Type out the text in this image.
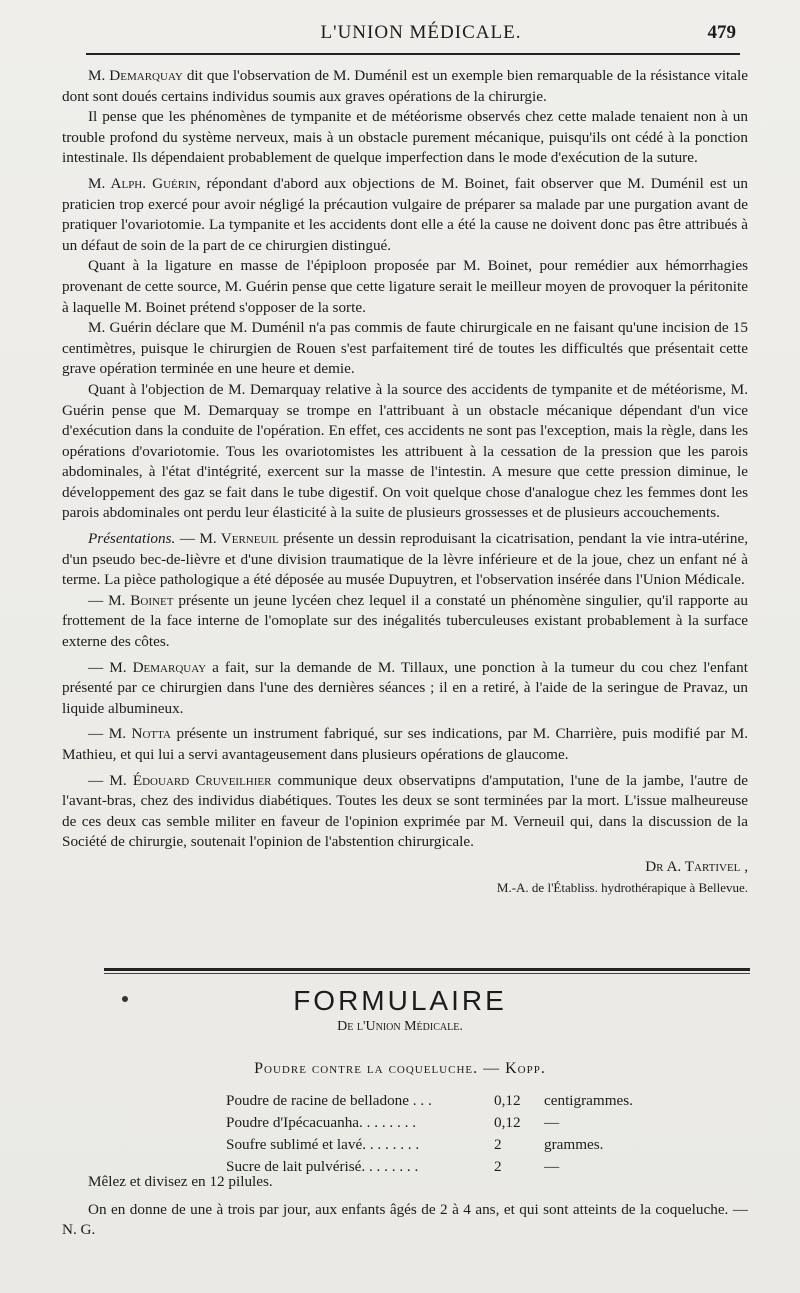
L'UNION MÉDICALE.	479

M. Demarquay dit que l'observation de M. Duménil est un exemple bien remarquable de la résistance vitale dont sont doués certains individus soumis aux graves opérations de la chirurgie.

Il pense que les phénomènes de tympanite et de météorisme observés chez cette malade tenaient non à un trouble profond du système nerveux, mais à un obstacle purement mécanique, puisqu'ils ont cédé à la ponction intestinale. Ils dépendaient probablement de quelque imperfection dans le mode d'exécution de la suture.

M. Alph. Guérin, répondant d'abord aux objections de M. Boinet, fait observer que M. Duménil est un praticien trop exercé pour avoir négligé la précaution vulgaire de préparer sa malade par une purgation avant de pratiquer l'ovariotomie. La tympanite et les accidents dont elle a été la cause ne doivent donc pas être attribués à un défaut de soin de la part de ce chirurgien distingué.

Quant à la ligature en masse de l'épiploon proposée par M. Boinet, pour remédier aux hémorrhagies provenant de cette source, M. Guérin pense que cette ligature serait le meilleur moyen de provoquer la péritonite à laquelle M. Boinet prétend s'opposer de la sorte.

M. Guérin déclare que M. Duménil n'a pas commis de faute chirurgicale en ne faisant qu'une incision de 15 centimètres, puisque le chirurgien de Rouen s'est parfaitement tiré de toutes les difficultés que présentait cette grave opération terminée en une heure et demie.

Quant à l'objection de M. Demarquay relative à la source des accidents de tympanite et de météorisme, M. Guérin pense que M. Demarquay se trompe en l'attribuant à un obstacle mécanique dépendant d'un vice d'exécution dans la conduite de l'opération. En effet, ces accidents ne sont pas l'exception, mais la règle, dans les opérations d'ovariotomie. Tous les ovariotomistes les attribuent à la cessation de la pression que les parois abdominales, à l'état d'intégrité, exercent sur la masse de l'intestin. A mesure que cette pression diminue, le développement des gaz se fait dans le tube digestif. On voit quelque chose d'analogue chez les femmes dont les parois abdominales ont perdu leur élasticité à la suite de plusieurs grossesses et de plusieurs accouchements.

Présentations. — M. Verneuil présente un dessin reproduisant la cicatrisation, pendant la vie intra-utérine, d'un pseudo bec-de-lièvre et d'une division traumatique de la lèvre inférieure et de la joue, chez un enfant né à terme. La pièce pathologique a été déposée au musée Dupuytren, et l'observation insérée dans l'Union Médicale.

— M. Boinet présente un jeune lycéen chez lequel il a constaté un phénomène singulier, qu'il rapporte au frottement de la face interne de l'omoplate sur des inégalités tuberculeuses existant probablement à la surface externe des côtes.

— M. Demarquay a fait, sur la demande de M. Tillaux, une ponction à la tumeur du cou chez l'enfant présenté par ce chirurgien dans l'une des dernières séances ; il en a retiré, à l'aide de la seringue de Pravaz, un liquide albumineux.

— M. Notta présente un instrument fabriqué, sur ses indications, par M. Charrière, puis modifié par M. Mathieu, et qui lui a servi avantageusement dans plusieurs opérations de glaucome.

— M. Édouard Cruveilhier communique deux observatipns d'amputation, l'une de la jambe, l'autre de l'avant-bras, chez des individus diabétiques. Toutes les deux se sont terminées par la mort. L'issue malheureuse de ces deux cas semble militer en faveur de l'opinion exprimée par M. Verneuil qui, dans la discussion de la Société de chirurgie, soutenait l'opinion de l'abstention chirurgicale.

Dr A. Tartivel ,
M.-A. de l'Établiss. hydrothérapique à Bellevue.
FORMULAIRE
De l'Union Médicale.
Poudre contre la coqueluche. — Kopp.
Poudre de racine de belladone . . .	0,12	centigrammes.
Poudre d'Ipécacuanha. . . . . . . .	0,12	—
Soufre sublimé et lavé. . . . . . . .	2	grammes.
Sucre de lait pulvérisé. . . . . . . .	2	—

Mêlez et divisez en 12 pilules.

On en donne de une à trois par jour, aux enfants âgés de 2 à 4 ans, et qui sont atteints de la coqueluche. — N. G.
